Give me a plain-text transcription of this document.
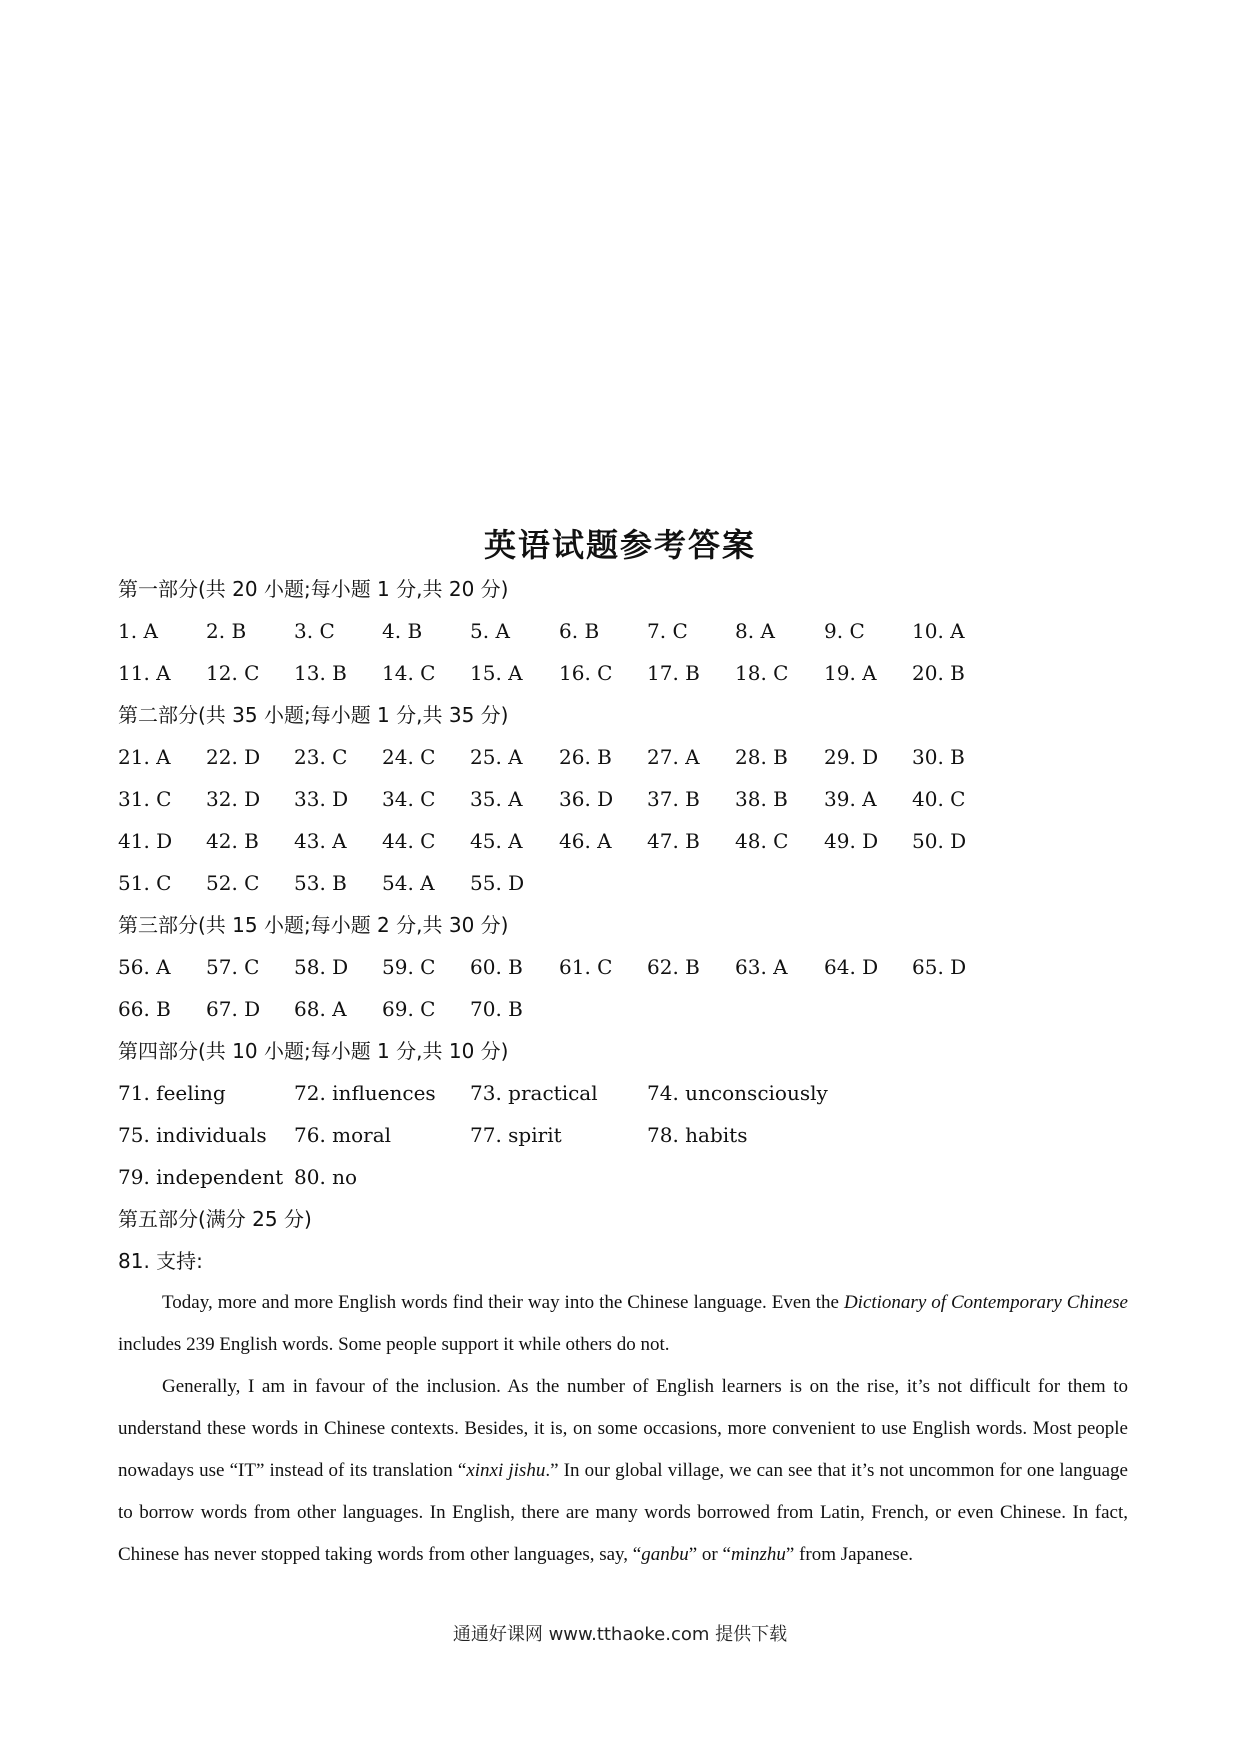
英语试题参考答案
第一部分(共 20 小题;每小题 1 分,共 20 分)
1. A 2. B 3. C 4. B 5. A 6. B 7. C 8. A 9. C 10. A
11. A 12. C 13. B 14. C 15. A 16. C 17. B 18. C 19. A 20. B
第二部分(共 35 小题;每小题 1 分,共 35 分)
21. A 22. D 23. C 24. C 25. A 26. B 27. A 28. B 29. D 30. B
31. C 32. D 33. D 34. C 35. A 36. D 37. B 38. B 39. A 40. C
41. D 42. B 43. A 44. C 45. A 46. A 47. B 48. C 49. D 50. D
51. C 52. C 53. B 54. A 55. D
第三部分(共 15 小题;每小题 2 分,共 30 分)
56. A 57. C 58. D 59. C 60. B 61. C 62. B 63. A 64. D 65. D
66. B 67. D 68. A 69. C 70. B
第四部分(共 10 小题;每小题 1 分,共 10 分)
71. feeling	72. influences 73. practical 74. unconsciously
75. individuals 76. moral	77. spirit	78. habits
79. independent 80. no
第五部分(满分 25 分)
81. 支持:

Today, more and more English words find their way into the Chinese language. Even the Dictionary of Contemporary Chinese includes 239 English words. Some people support it while others do not.

Generally, I am in favour of the inclusion. As the number of English learners is on the rise, it’s not difficult for them to understand these words in Chinese contexts. Besides, it is, on some occasions, more convenient to use English words. Most people nowadays use “IT” instead of its translation “xinxi jishu.” In our global village, we can see that it’s not uncommon for one language to borrow words from other languages. In English, there are many words borrowed from Latin, French, or even Chinese. In fact, Chinese has never stopped taking words from other languages, say, “ganbu” or “minzhu” from Japanese.

通通好课网 www.tthaoke.com 提供下载
